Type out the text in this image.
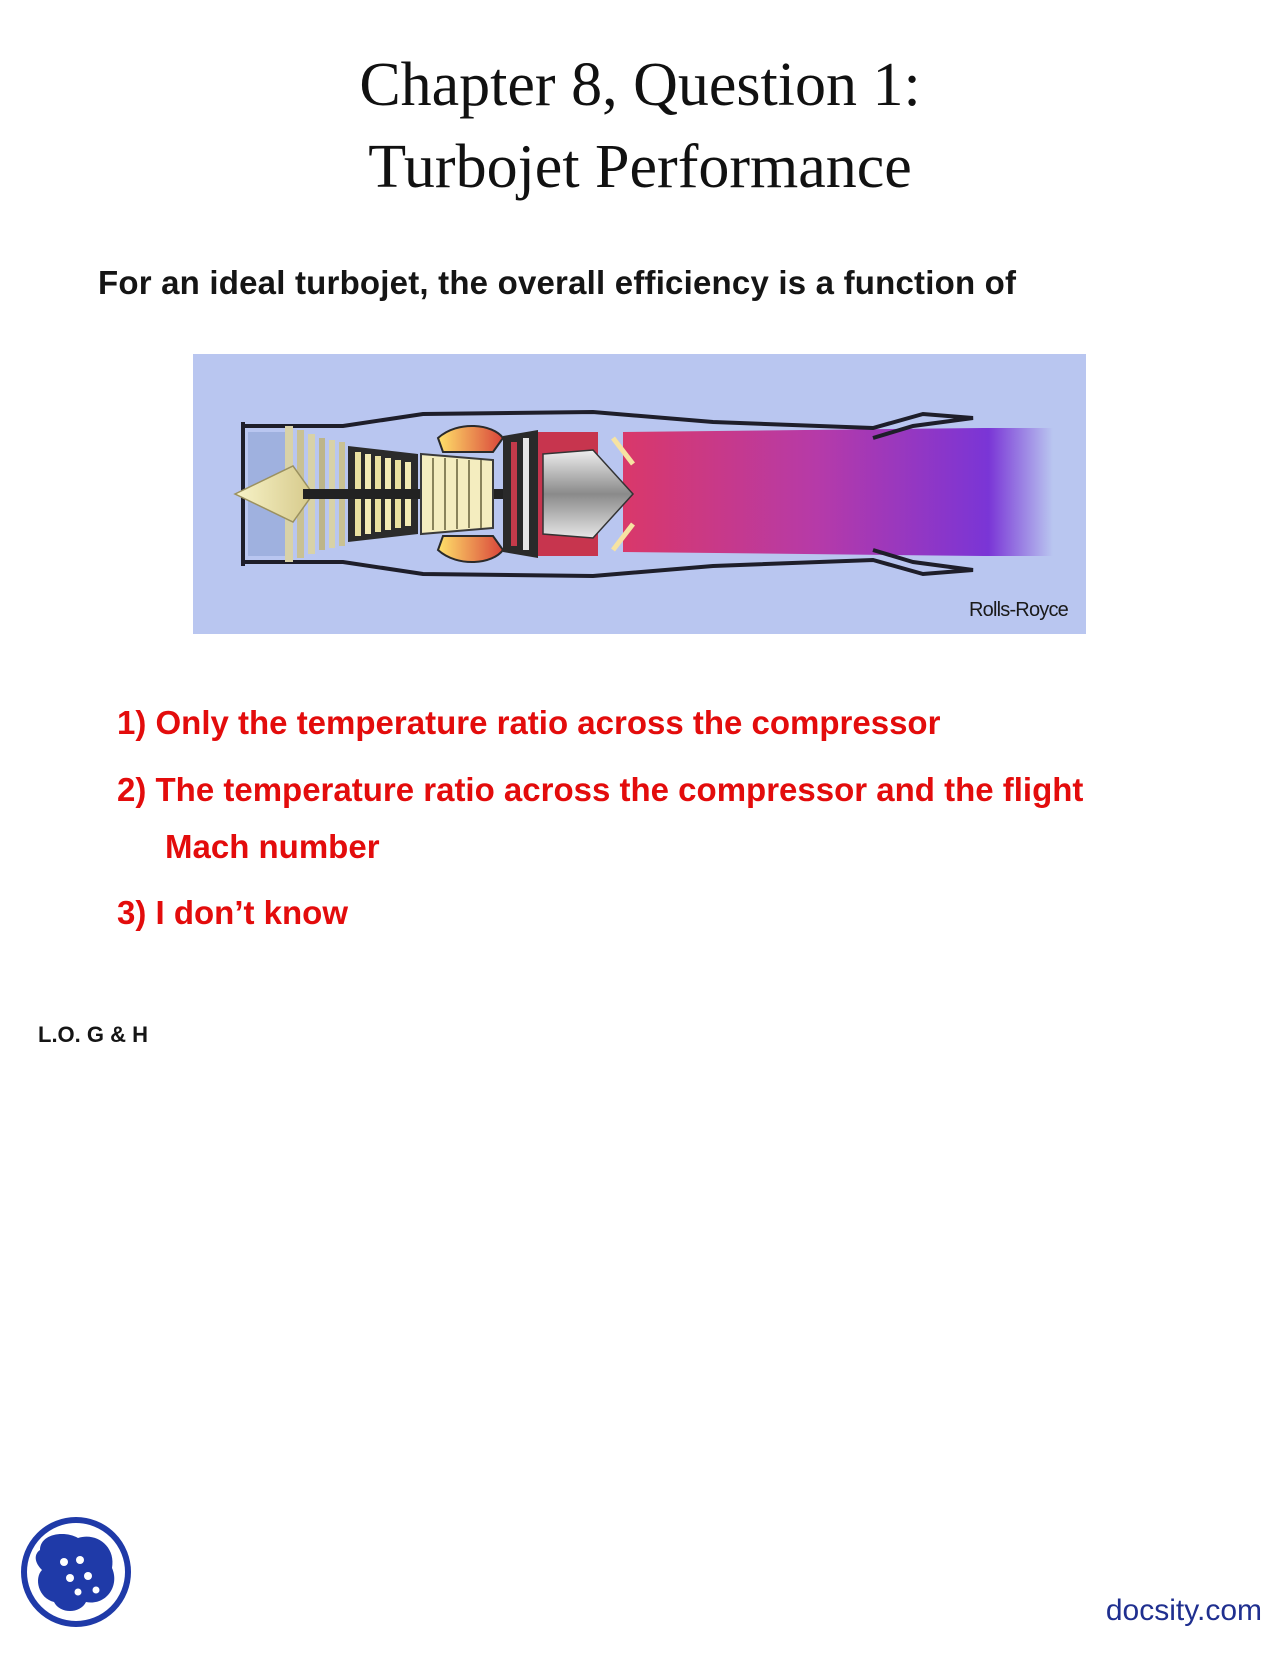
Chapter 8, Question 1:
Turbojet Performance
For an ideal turbojet, the overall efficiency is a function of
Rolls-Royce
1) Only the temperature ratio across the compressor
2) The temperature ratio across the compressor and the flight
Mach number
3) I don’t know
L.O. G & H
docsity.com
